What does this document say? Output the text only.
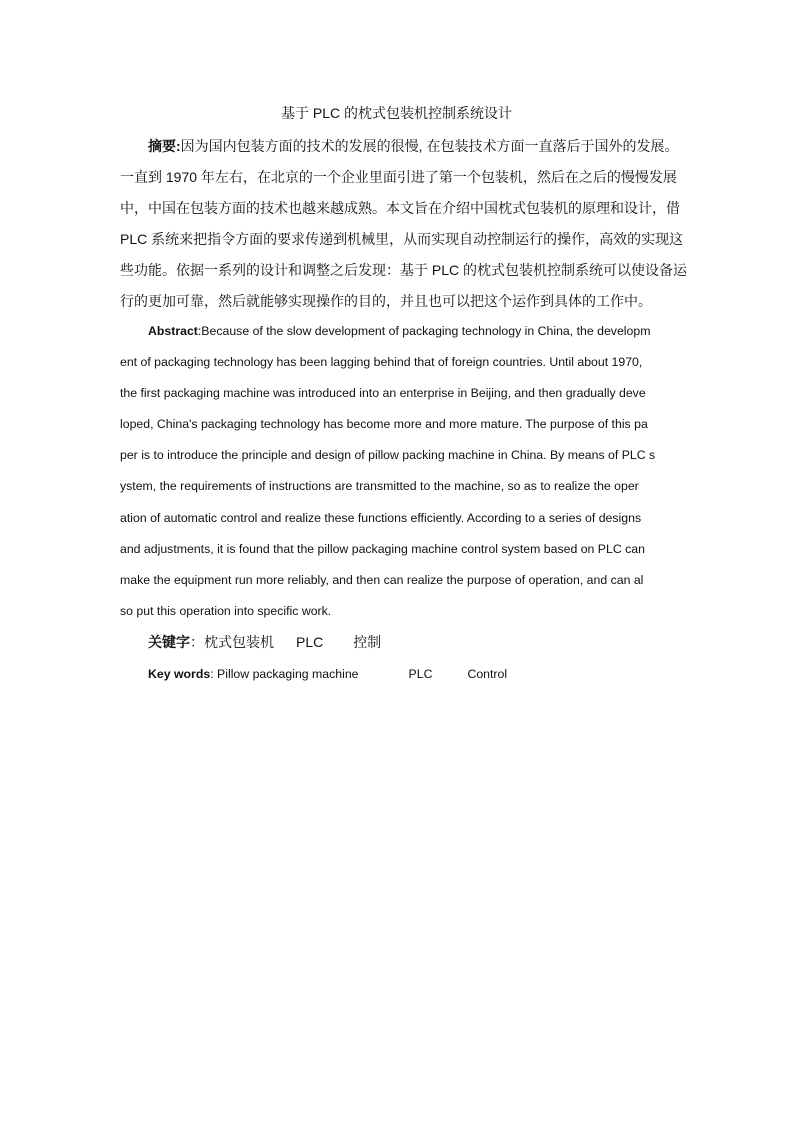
基于 PLC 的枕式包装机控制系统设计
摘要:因为国内包装方面的技术的发展的很慢, 在包装技术方面一直落后于国外的发展。
一直到 1970 年左右，在北京的一个企业里面引进了第一个包装机，然后在之后的慢慢发展
中，中国在包装方面的技术也越来越成熟。本文旨在介绍中国枕式包装机的原理和设计，借
PLC 系统来把指令方面的要求传递到机械里，从而实现自动控制运行的操作，高效的实现这
些功能。依据一系列的设计和调整之后发现：基于 PLC 的枕式包装机控制系统可以使设备运
行的更加可靠，然后就能够实现操作的目的，并且也可以把这个运作到具体的工作中。
Abstract:Because of the slow development of packaging technology in China, the developm
ent of packaging technology has been lagging behind that of foreign countries. Until about 1970,
the first packaging machine was introduced into an enterprise in Beijing, and then gradually deve
loped, China's packaging technology has become more and more mature. The purpose of this pa
per is to introduce the principle and design of pillow packing machine in China. By means of PLC s
ystem, the requirements of instructions are transmitted to the machine, so as to realize the oper
ation of automatic control and realize these functions efficiently. According to a series of designs
and adjustments, it is found that the pillow packaging machine control system based on PLC can
make the equipment run more reliably, and then can realize the purpose of operation, and can al
so put this operation into specific work.
关键字：枕式包装机 PLC 控制
Key words: Pillow packaging machine	PLC	Control
